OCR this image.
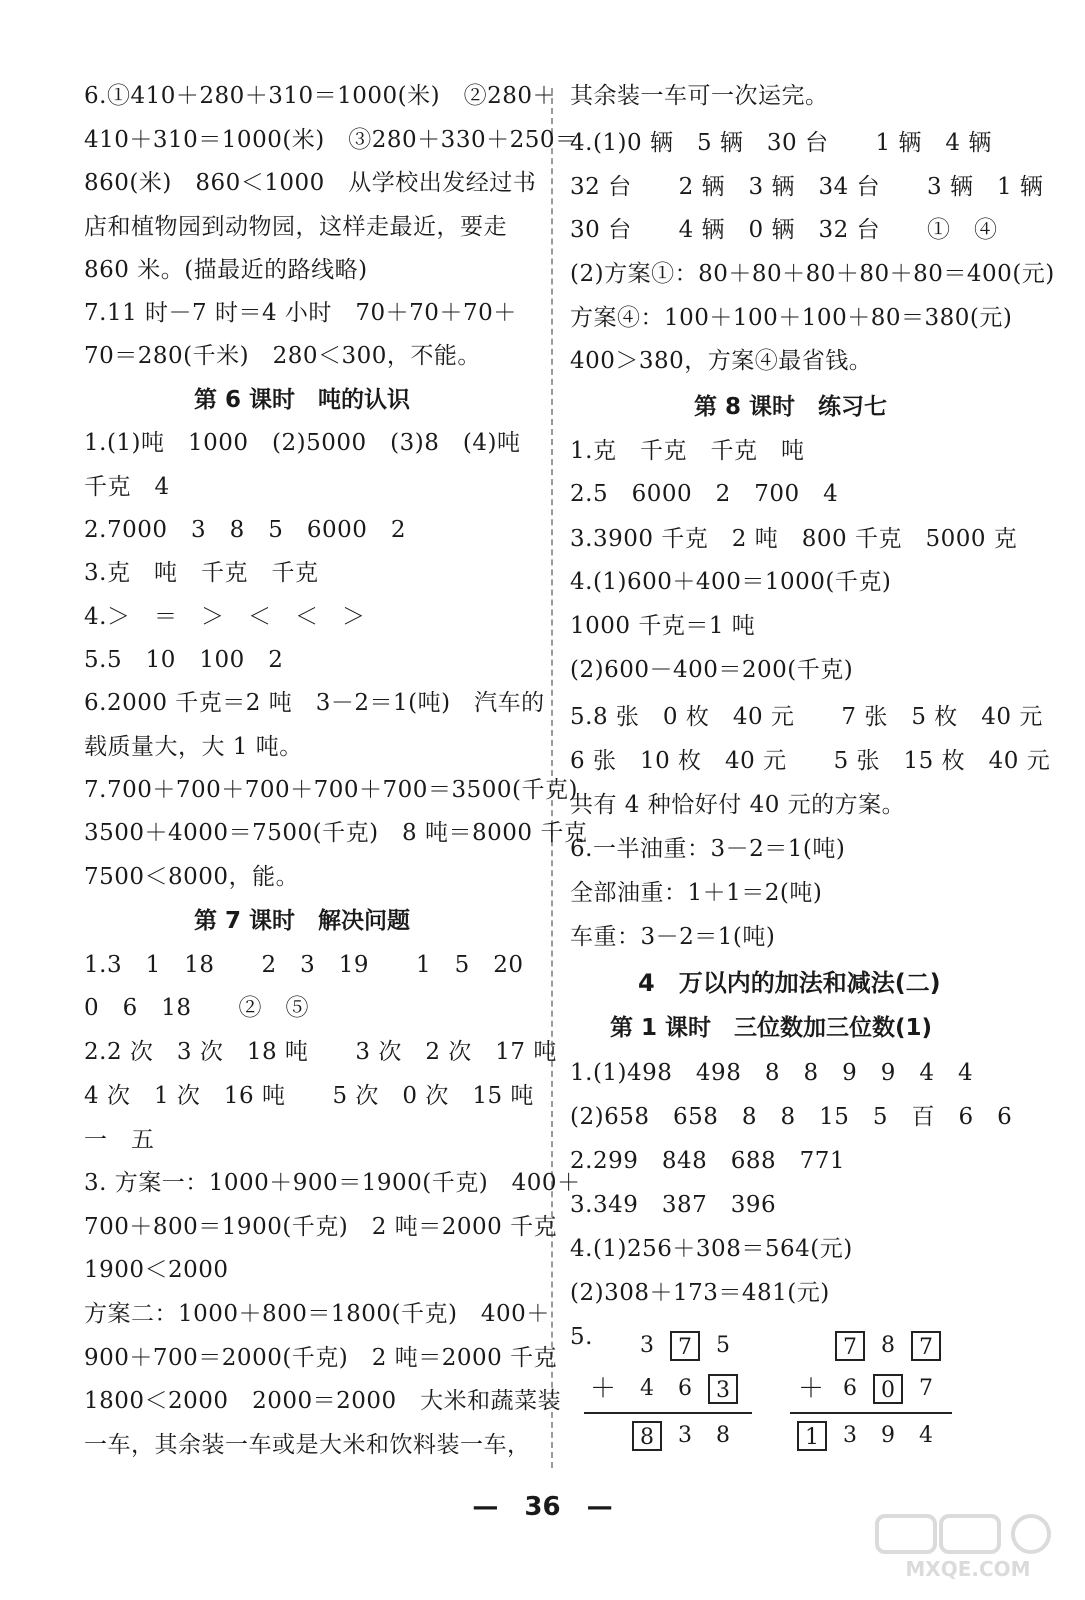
6.①410＋280＋310＝1000(米)　②280＋
410＋310＝1000(米)　③280＋330＋250＝
860(米)　860＜1000　从学校出发经过书
店和植物园到动物园，这样走最近，要走
860 米。(描最近的路线略)
7.11 时－7 时＝4 小时　70＋70＋70＋
70＝280(千米)　280＜300，不能。
第 6 课时　吨的认识
1.(1)吨　1000　(2)5000　(3)8　(4)吨
千克　4
2.7000　3　8　5　6000　2
3.克　吨　千克　千克
4.＞　＝　＞　＜　＜　＞
5.5　10　100　2
6.2000 千克＝2 吨　3－2＝1(吨)　汽车的
载质量大，大 1 吨。
7.700＋700＋700＋700＋700＝3500(千克)
3500＋4000＝7500(千克)　8 吨＝8000 千克
7500＜8000，能。
第 7 课时　解决问题
1.3　1　18　　2　3　19　　1　5　20
0　6　18　　②　⑤
2.2 次　3 次　18 吨　　3 次　2 次　17 吨
4 次　1 次　16 吨　　5 次　0 次　15 吨
一　五
3. 方案一：1000＋900＝1900(千克)　400＋
700＋800＝1900(千克)　2 吨＝2000 千克
1900＜2000
方案二：1000＋800＝1800(千克)　400＋
900＋700＝2000(千克)　2 吨＝2000 千克
1800＜2000　2000＝2000　大米和蔬菜装
一车，其余装一车或是大米和饮料装一车，
其余装一车可一次运完。
4.(1)0 辆　5 辆　30 台　　1 辆　4 辆
32 台　　2 辆　3 辆　34 台　　3 辆　1 辆
30 台　　4 辆　0 辆　32 台　　①　④
(2)方案①：80＋80＋80＋80＋80＝400(元)
方案④：100＋100＋100＋80＝380(元)
400＞380，方案④最省钱。
第 8 课时　练习七
1.克　千克　千克　吨
2.5　6000　2　700　4
3.3900 千克　2 吨　800 千克　5000 克
4.(1)600＋400＝1000(千克)
1000 千克＝1 吨
(2)600－400＝200(千克)
5.8 张　0 枚　40 元　　7 张　5 枚　40 元
6 张　10 枚　40 元　　5 张　15 枚　40 元
共有 4 种恰好付 40 元的方案。
6.一半油重：3－2＝1(吨)
全部油重：1＋1＝2(吨)
车重：3－2＝1(吨)
4　万以内的加法和减法(二)
第 1 课时　三位数加三位数(1)
1.(1)498　498　8　8　9　9　4　4
(2)658　658　8　8　15　5　百　6　6
2.299　848　688　771
3.349　387　396
4.(1)256＋308＝564(元)
(2)308＋173＝481(元)
5.	3	7	5
＋	4	6	3
8	3	8
7	8	7
＋ 6	0	7
1	3	9	4
—　36　—
MXQE.COM
